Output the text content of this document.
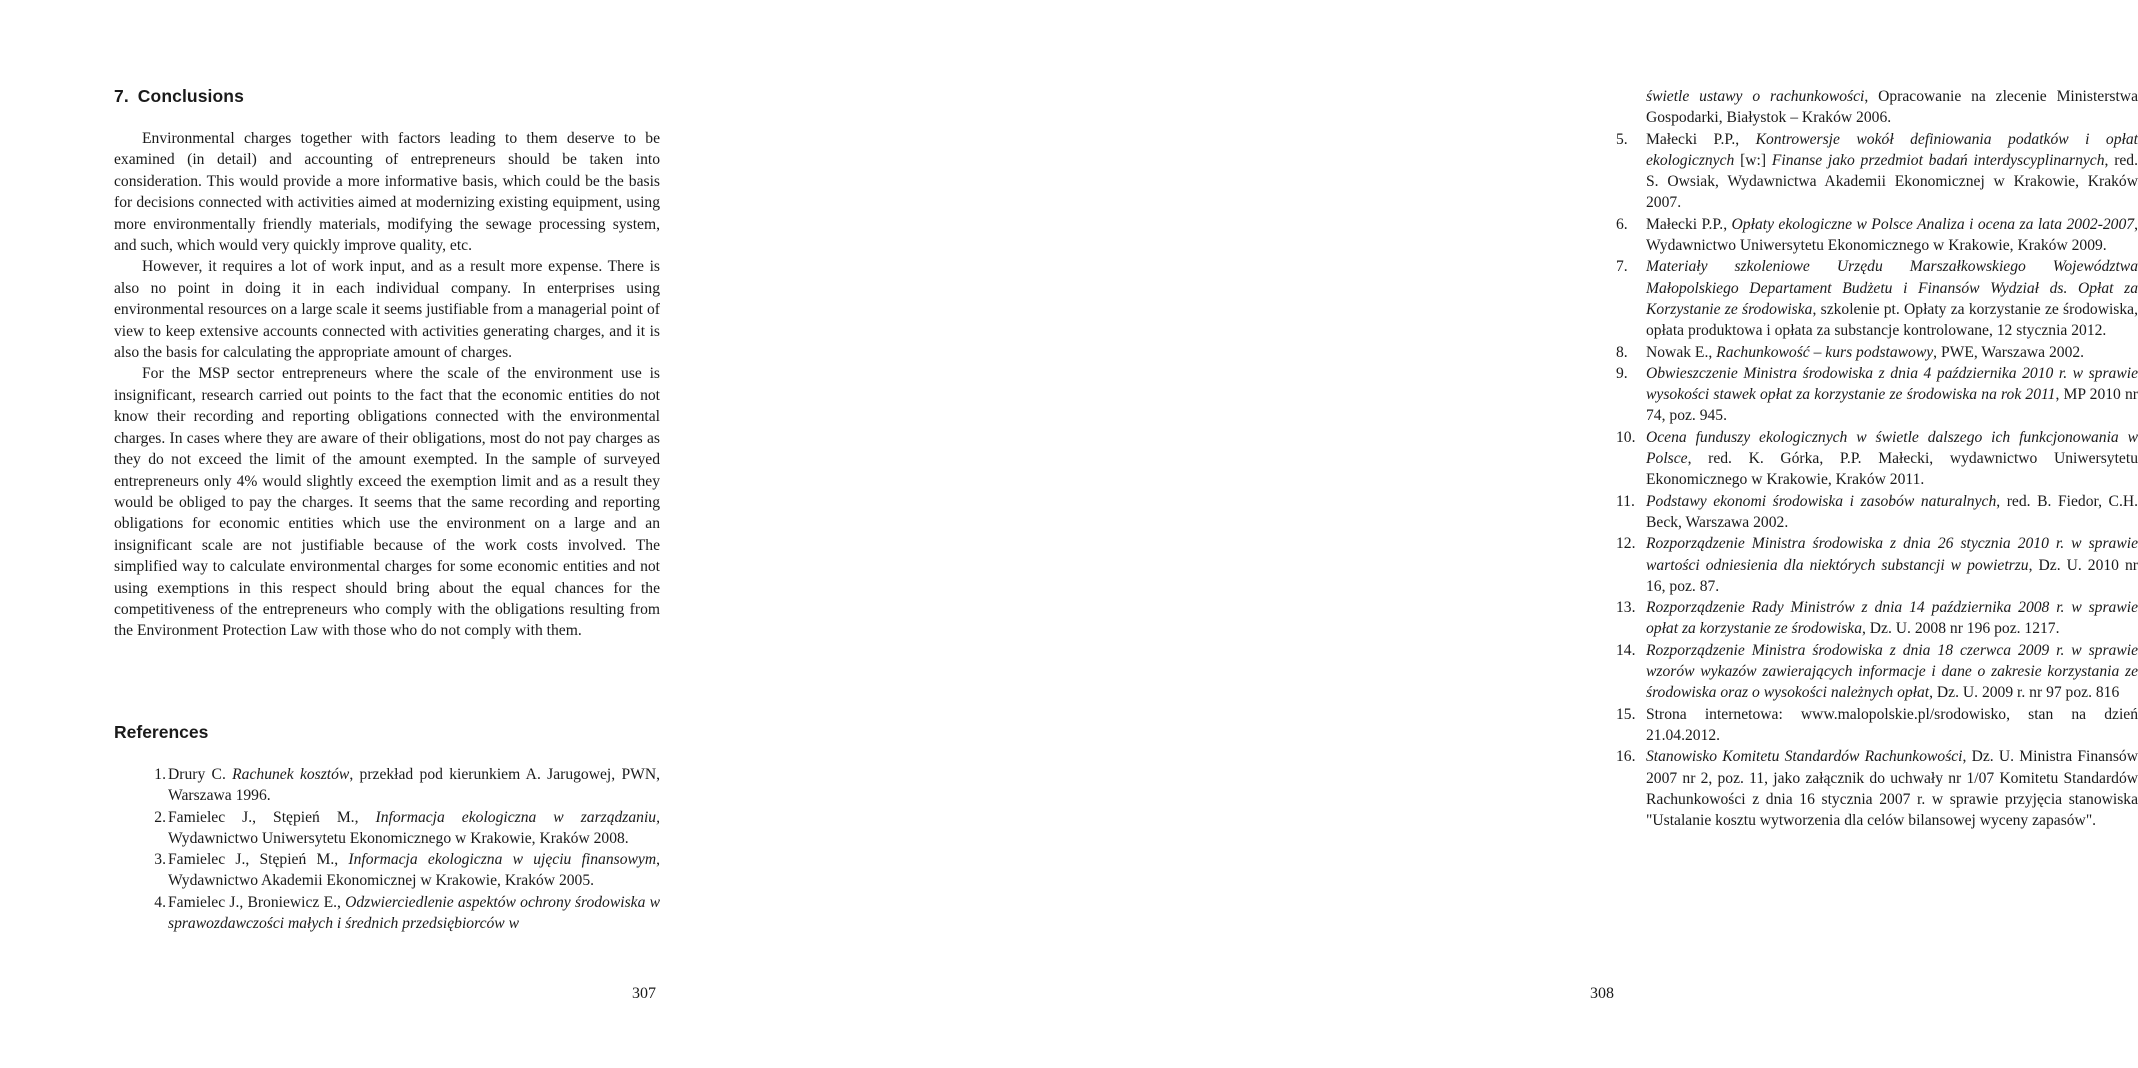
7. Conclusions

Environmental charges together with factors leading to them deserve to be examined (in detail) and accounting of entrepreneurs should be taken into consideration. This would provide a more informative basis, which could be the basis for decisions connected with activities aimed at modernizing existing equipment, using more environmentally friendly materials, modifying the sewage processing system, and such, which would very quickly improve quality, etc.

However, it requires a lot of work input, and as a result more expense. There is also no point in doing it in each individual company. In enterprises using environmental resources on a large scale it seems justifiable from a managerial point of view to keep extensive accounts connected with activities generating charges, and it is also the basis for calculating the appropriate amount of charges.

For the MSP sector entrepreneurs where the scale of the environment use is insignificant, research carried out points to the fact that the economic entities do not know their recording and reporting obligations connected with the environmental charges. In cases where they are aware of their obligations, most do not pay charges as they do not exceed the limit of the amount exempted. In the sample of surveyed entrepreneurs only 4% would slightly exceed the exemption limit and as a result they would be obliged to pay the charges. It seems that the same recording and reporting obligations for economic entities which use the environment on a large and an insignificant scale are not justifiable because of the work costs involved. The simplified way to calculate environmental charges for some economic entities and not using exemptions in this respect should bring about the equal chances for the competitiveness of the entrepreneurs who comply with the obligations resulting from the Environment Protection Law with those who do not comply with them.

References
1. Drury C. Rachunek kosztów, przekład pod kierunkiem A. Jarugowej, PWN, Warszawa 1996.
2. Famielec J., Stępień M., Informacja ekologiczna w zarządzaniu, Wydawnictwo Uniwersytetu Ekonomicznego w Krakowie, Kraków 2008.
3. Famielec J., Stępień M., Informacja ekologiczna w ujęciu finansowym, Wydawnictwo Akademii Ekonomicznej w Krakowie, Kraków 2005.
4. Famielec J., Broniewicz E., Odzwierciedlenie aspektów ochrony środowiska w sprawozdawczości małych i średnich przedsiębiorców w
307
świetle ustawy o rachunkowości, Opracowanie na zlecenie Ministerstwa Gospodarki, Białystok – Kraków 2006.
5.	Małecki P.P., Kontrowersje wokół definiowania podatków i opłat ekologicznych [w:] Finanse jako przedmiot badań interdyscyplinarnych, red. S. Owsiak, Wydawnictwa Akademii Ekonomicznej w Krakowie, Kraków 2007.
6.	Małecki P.P., Opłaty ekologiczne w Polsce Analiza i ocena za lata 2002-2007, Wydawnictwo Uniwersytetu Ekonomicznego w Krakowie, Kraków 2009.
7.	Materiały szkoleniowe Urzędu Marszałkowskiego Województwa Małopolskiego Departament Budżetu i Finansów Wydział ds. Opłat za Korzystanie ze środowiska, szkolenie pt. Opłaty za korzystanie ze środowiska, opłata produktowa i opłata za substancje kontrolowane, 12 stycznia 2012.
8.	Nowak E., Rachunkowość – kurs podstawowy, PWE, Warszawa 2002.
9.	Obwieszczenie Ministra środowiska z dnia 4 października 2010 r. w sprawie wysokości stawek opłat za korzystanie ze środowiska na rok 2011, MP 2010 nr 74, poz. 945.
10. Ocena funduszy ekologicznych w świetle dalszego ich funkcjonowania w Polsce, red. K. Górka, P.P. Małecki, wydawnictwo Uniwersytetu Ekonomicznego w Krakowie, Kraków 2011.
11. Podstawy ekonomi środowiska i zasobów naturalnych, red. B. Fiedor, C.H. Beck, Warszawa 2002.
12. Rozporządzenie Ministra środowiska z dnia 26 stycznia 2010 r. w sprawie wartości odniesienia dla niektórych substancji w powietrzu, Dz. U. 2010 nr 16, poz. 87.
13. Rozporządzenie Rady Ministrów z dnia 14 października 2008 r. w sprawie opłat za korzystanie ze środowiska, Dz. U. 2008 nr 196 poz. 1217.
14. Rozporządzenie Ministra środowiska z dnia 18 czerwca 2009 r. w sprawie wzorów wykazów zawierających informacje i dane o zakresie korzystania ze środowiska oraz o wysokości należnych opłat, Dz. U. 2009 r. nr 97 poz. 816
15. Strona internetowa: www.malopolskie.pl/srodowisko, stan na dzień 21.04.2012.
16. Stanowisko Komitetu Standardów Rachunkowości, Dz. U. Ministra Finansów 2007 nr 2, poz. 11, jako załącznik do uchwały nr 1/07 Komitetu Standardów Rachunkowości z dnia 16 stycznia 2007 r. w sprawie przyjęcia stanowiska "Ustalanie kosztu wytworzenia dla celów bilansowej wyceny zapasów".
308
